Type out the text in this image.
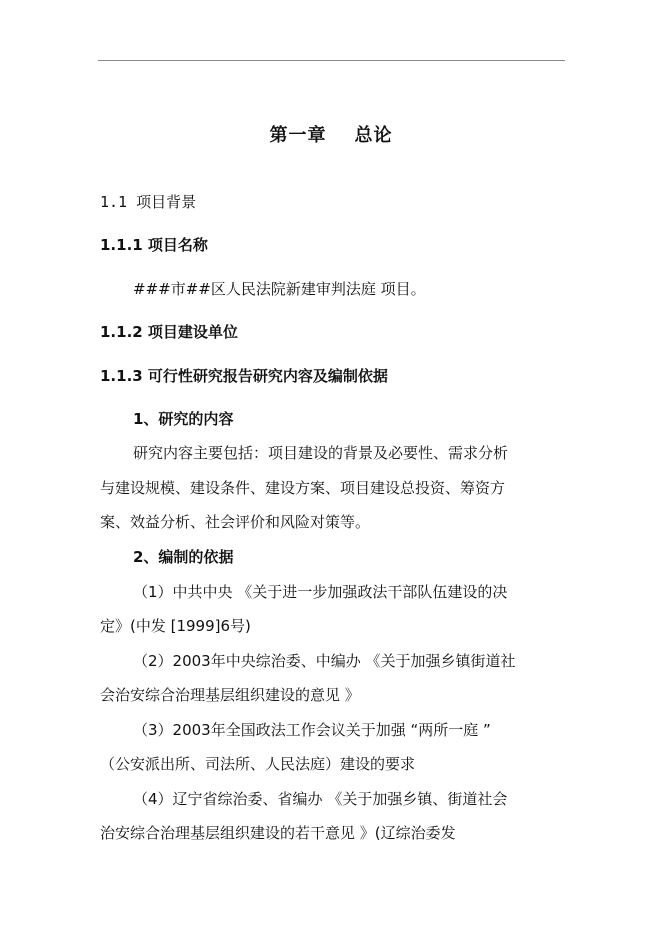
第一章 总论
1.1 项目背景
1.1.1 项目名称
###市##区人民法院新建审判法庭 项目。
1.1.2 项目建设单位
1.1.3 可行性研究报告研究内容及编制依据
1、研究的内容
研究内容主要包括：项目建设的背景及必要性、需求分析
与建设规模、建设条件、建设方案、项目建设总投资、筹资方
案、效益分析、社会评价和风险对策等。
2、编制的依据
（1）中共中央 《关于进一步加强政法干部队伍建设的决
定》(中发 [1999]6号)
（2）2003年中央综治委、中编办 《关于加强乡镇街道社
会治安综合治理基层组织建设的意见 》
（3）2003年全国政法工作会议关于加强 “两所一庭 ”
（公安派出所、司法所、人民法庭）建设的要求
（4）辽宁省综治委、省编办 《关于加强乡镇、街道社会
治安综合治理基层组织建设的若干意见 》(辽综治委发
